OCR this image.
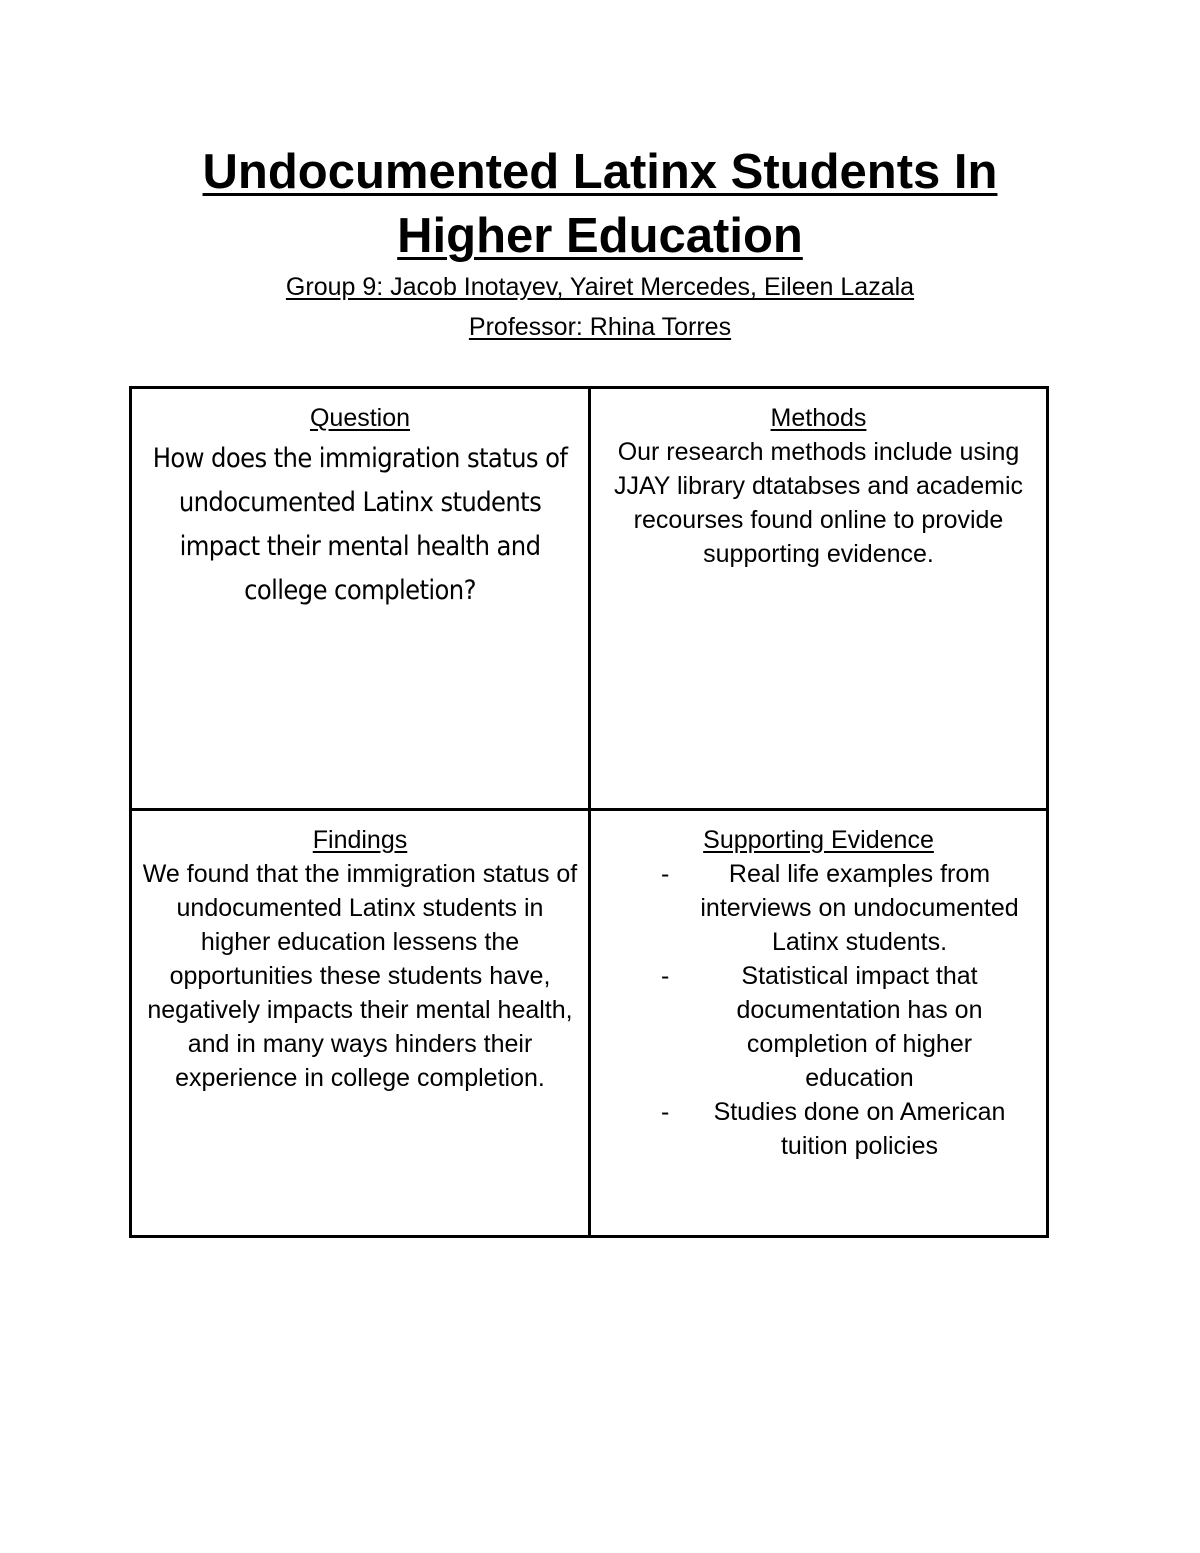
Undocumented Latinx Students In
Higher Education

Group 9: Jacob Inotayev, Yairet Mercedes, Eileen Lazala

Professor: Rhina Torres

Question
How does the immigration status of undocumented Latinx students impact their mental health and college completion?
Methods
Our research methods include using JJAY library dtatabses and academic recourses found online to provide supporting evidence.
Findings
We found that the immigration status of undocumented Latinx students in higher education lessens the opportunities these students have, negatively impacts their mental health, and in many ways hinders their experience in college completion.
Supporting Evidence
- Real life examples from interviews on undocumented Latinx students.
-	Statistical impact that documentation has on completion of higher education
- Studies done on American tuition policies
